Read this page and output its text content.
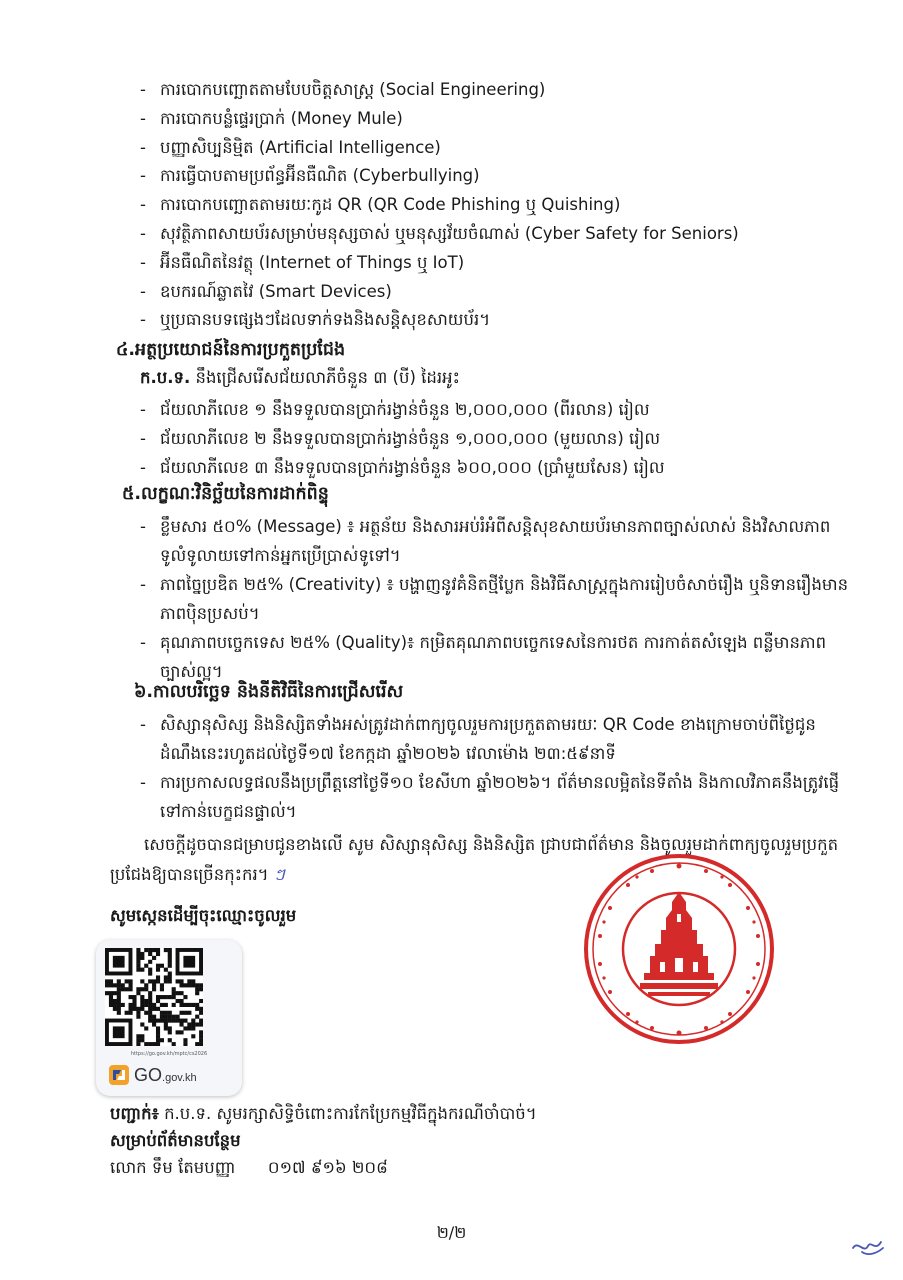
- ការបោកបញ្ឆោតតាមបែបចិត្តសាស្ត្រ (Social Engineering)
- ការបោកបន្លំផ្ទេរប្រាក់ (Money Mule)
- បញ្ញាសិប្បនិម្មិត (Artificial Intelligence)
- ការធ្វើបាបតាមប្រព័ន្ធអ៊ីនធឺណិត (Cyberbullying)
- ការបោកបញ្ឆោតតាមរយៈកូដ QR (QR Code Phishing ឬ Quishing)
- សុវត្ថិភាពសាយប័រសម្រាប់មនុស្សចាស់ ឬមនុស្សវ័យចំណាស់ (Cyber Safety for Seniors)
- អ៊ីនធឺណិតនៃវត្ថុ (Internet of Things ឬ IoT)
- ឧបករណ៍ឆ្លាតវៃ (Smart Devices)
- ឬប្រធានបទផ្សេងៗដែលទាក់ទងនិងសន្តិសុខសាយប័រ។
៤.អត្ថប្រយោជន៍នៃការប្រកួតប្រជែង
ក.ប.ទ. នឹងជ្រើសរើសជ័យលាភីចំនួន ៣ (បី) ដៃរអូះ
- ជ័យលាភីលេខ ១ នឹងទទួលបានប្រាក់រង្វាន់ចំនួន ២,០០០,០០០ (ពីរលាន) រៀល
- ជ័យលាភីលេខ ២ នឹងទទួលបានប្រាក់រង្វាន់ចំនួន ១,០០០,០០០ (មួយលាន) រៀល
- ជ័យលាភីលេខ ៣ នឹងទទួលបានប្រាក់រង្វាន់ចំនួន ៦០០,០០០ (ប្រាំមួយសែន) រៀល
៥.លក្ខណៈវិនិច្ឆ័យនៃការដាក់ពិន្ទុ
- ខ្លឹមសារ ៥០% (Message) ៖ អត្ថន័យ និងសារអប់រំអំពីសន្តិសុខសាយប័រមានភាពច្បាស់លាស់ និងវិសាលភាពទូលំទូលាយទៅកាន់អ្នកប្រើប្រាស់ទូទៅ។
- ភាពច្នៃប្រឌិត ២៥% (Creativity) ៖ បង្ហាញនូវគំនិតថ្មីប្លែក និងវិធីសាស្ត្រក្នុងការរៀបចំសាច់រឿង ឬនិទានរឿងមានភាពប៉ិនប្រសប់។
- គុណភាពបច្ចេកទេស ២៥% (Quality)៖ កម្រិតគុណភាពបច្ចេកទេសនៃការថត ការកាត់តសំឡេង ពន្លឺមានភាពច្បាស់ល្អ។
៦.កាលបរិច្ឆេទ និងនីតិវិធីនៃការជ្រើសរើស
- សិស្សានុសិស្ស និងនិស្សិតទាំងអស់ត្រូវដាក់ពាក្យចូលរួមការប្រកួតតាមរយៈ QR Code ខាងក្រោមចាប់ពីថ្ងៃជូនដំណឹងនេះរហូតដល់ថ្ងៃទី១៧ ខែកក្កដា ឆ្នាំ២០២៦ វេលាម៉ោង ២៣:៥៩នាទី
- ការប្រកាសលទ្ធផលនឹងប្រព្រឹត្តនៅថ្ងៃទី១០ ខែសីហា ឆ្នាំ២០២៦។ ព័ត៌មានលម្អិតនៃទីតាំង និងកាលវិភាគនឹងត្រូវផ្ញើទៅកាន់បេក្ខជនផ្ទាល់។
សេចក្តីដូចបានជម្រាបជូនខាងលើ សូម សិស្សានុសិស្ស និងនិស្សិត ជ្រាបជាព័ត៌មាន និងចូលរួមដាក់ពាក្យចូលរួមប្រកួតប្រជែងឱ្យបានច្រើនកុះករ។ ៗ
សូមស្កេនដើម្បីចុះឈ្មោះចូលរួម
https://go.gov.kh/mptc/cs2026
GO.gov.kh
បញ្ជាក់៖ ក.ប.ទ. សូមរក្សាសិទ្ធិចំពោះការកែប្រែកម្មវិធីក្នុងករណីចាំបាច់។
សម្រាប់ព័ត៌មានបន្ថែម
លោក ទឹម តែមបញ្ញា ០១៧ ៩១៦ ២០៨
២/២
